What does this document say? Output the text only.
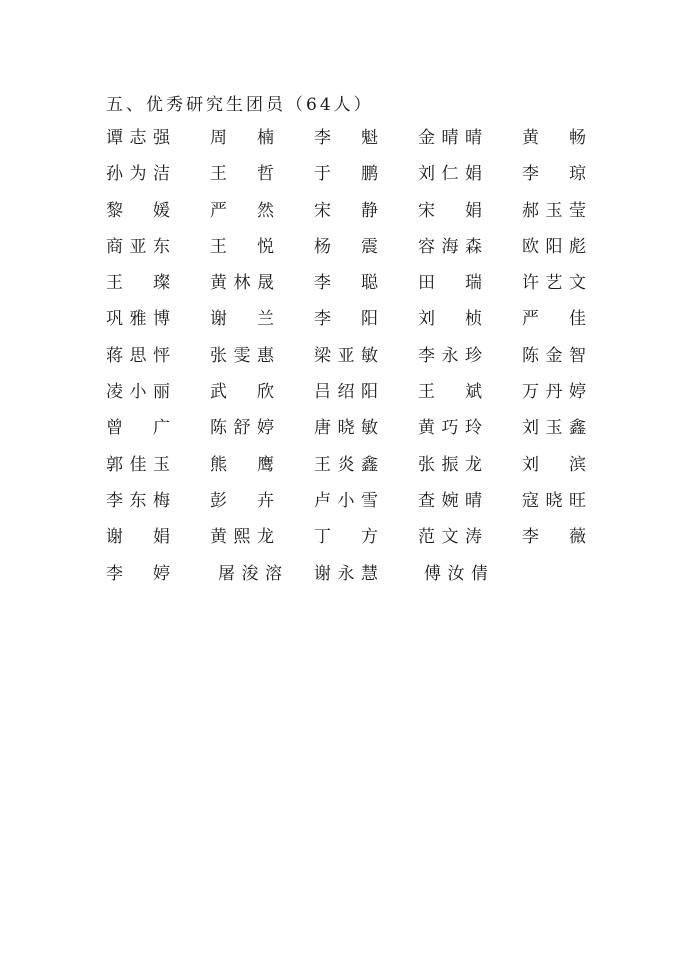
五、优秀研究生团员（64人）
谭 志 强 周 楠 李 魁 金 晴 晴 黄 畅
孙 为 洁 王 哲 于 鹏 刘 仁 娟 李 琼
黎 媛 严 然 宋 静 宋 娟 郝 玉 莹
商 亚 东 王 悦 杨 震 容 海 森 欧 阳 彪
王 璨 黄 林 晟 李 聪 田 瑞 许 艺 文
巩 雅 博 谢 兰 李 阳 刘 桢 严 佳
蒋 思 怦 张 雯 惠 梁 亚 敏 李 永 珍 陈 金 智
凌 小 丽 武 欣 吕 绍 阳 王 斌 万 丹 婷
曾 广 陈 舒 婷 唐 晓 敏 黄 巧 玲 刘 玉 鑫
郭 佳 玉 熊 鹰 王 炎 鑫 张 振 龙 刘 滨
李 东 梅 彭 卉 卢 小 雪 查 婉 晴 寇 晓 旺
谢 娟 黄 熙 龙 丁 方 范 文 涛 李 薇
李 婷	屠 浚 溶 谢 永 慧	傅 汝 倩
